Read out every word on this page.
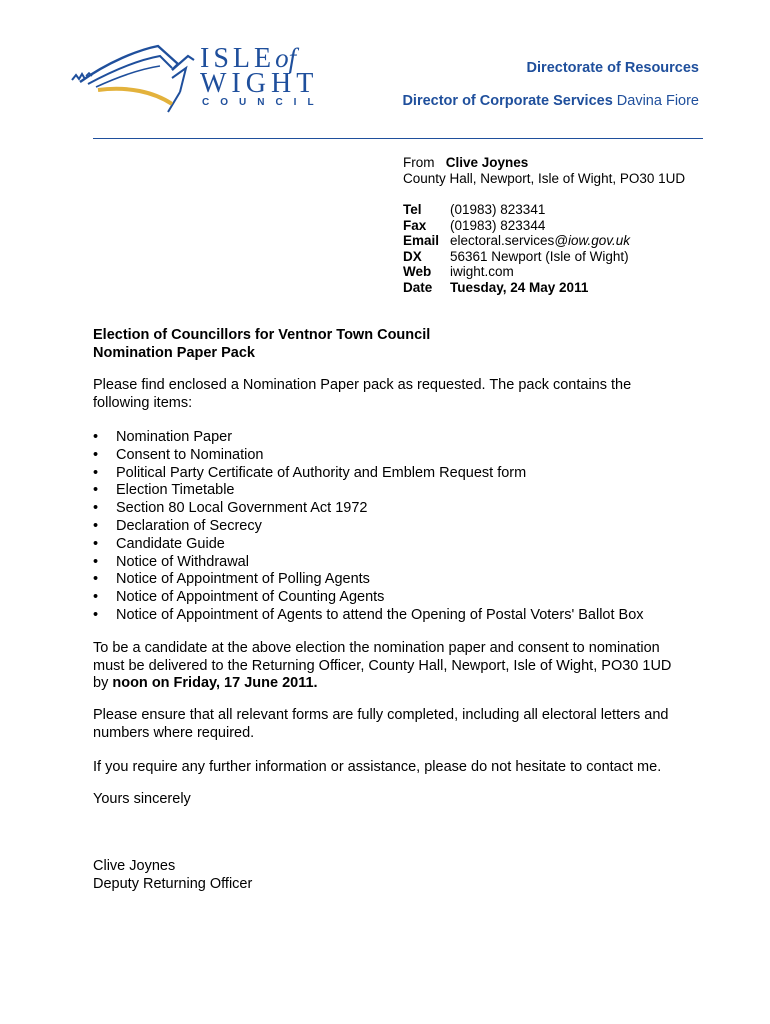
ISLEof
WIGHT
COUNCIL
Directorate of Resources
Director of Corporate Services Davina Fiore
From Clive Joynes
County Hall, Newport, Isle of Wight, PO30 1UD
Tel	(01983) 823341
Fax	(01983) 823344
Email	electoral.services@iow.gov.uk
DX	56361 Newport (Isle of Wight)
Web	iwight.com
Date	Tuesday, 24 May 2011
Election of Councillors for Ventnor Town Council
Nomination Paper Pack
Please find enclosed a Nomination Paper pack as requested. The pack contains the
following items:
• Nomination Paper
• Consent to Nomination
• Political Party Certificate of Authority and Emblem Request form
• Election Timetable
• Section 80 Local Government Act 1972
• Declaration of Secrecy
• Candidate Guide
• Notice of Withdrawal
• Notice of Appointment of Polling Agents
• Notice of Appointment of Counting Agents
• Notice of Appointment of Agents to attend the Opening of Postal Voters' Ballot Box
To be a candidate at the above election the nomination paper and consent to nomination
must be delivered to the Returning Officer, County Hall, Newport, Isle of Wight, PO30 1UD
by noon on Friday, 17 June 2011.
Please ensure that all relevant forms are fully completed, including all electoral letters and
numbers where required.
If you require any further information or assistance, please do not hesitate to contact me.
Yours sincerely
Clive Joynes
Deputy Returning Officer
